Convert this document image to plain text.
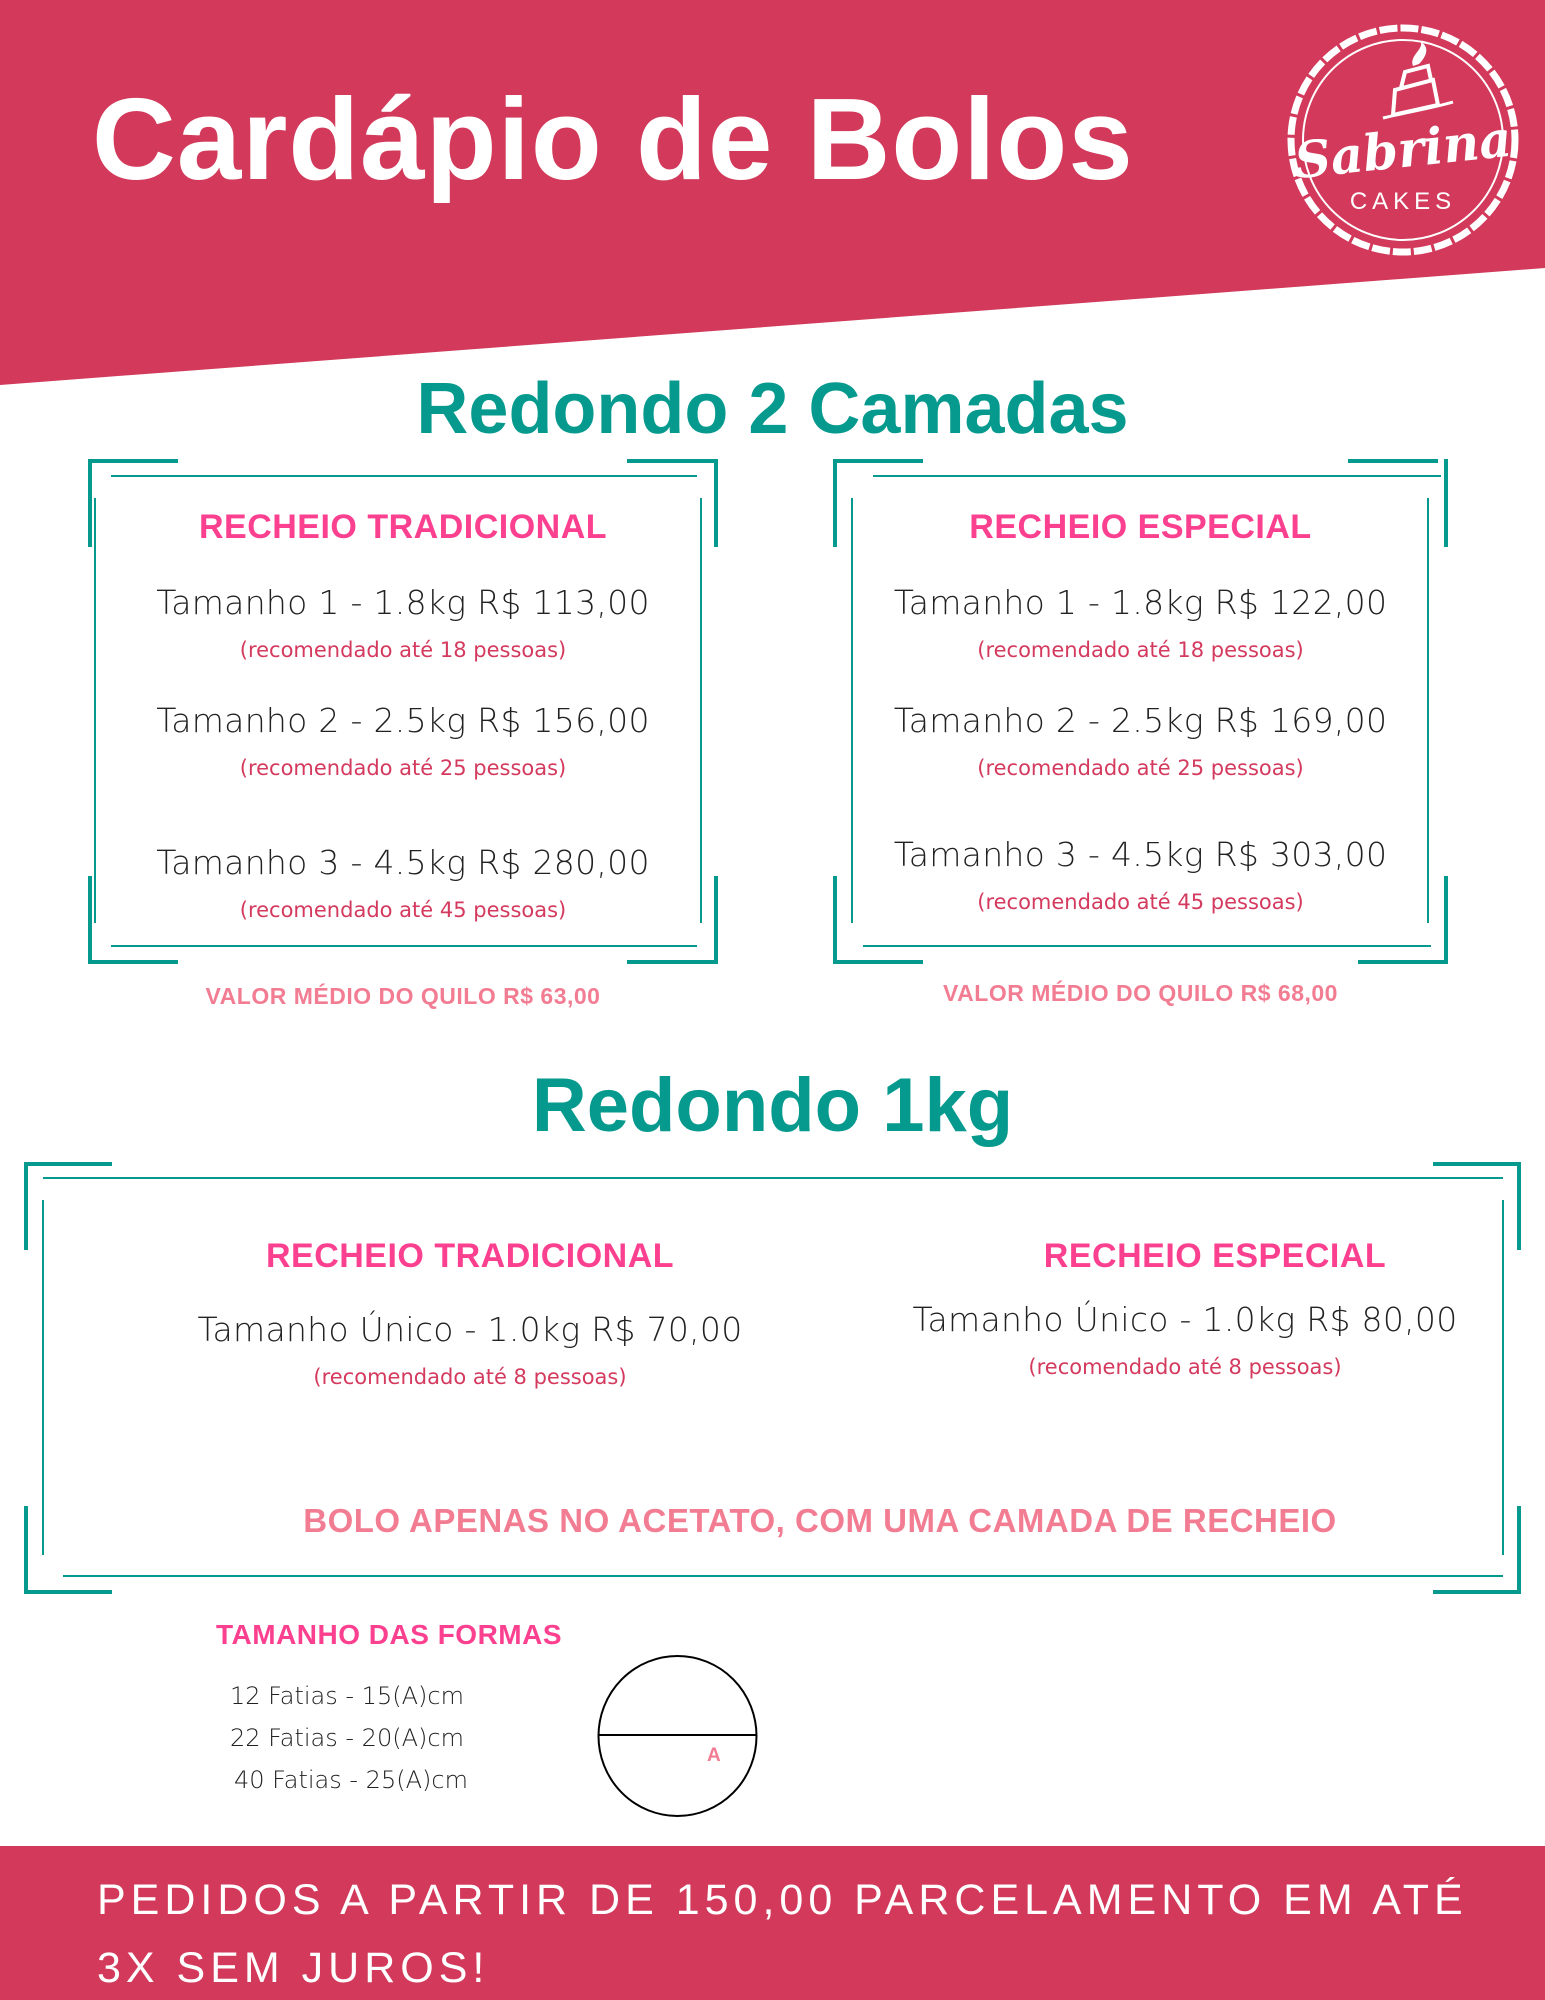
Cardápio de Bolos	Sabrina
CAKES
Redondo 2 Camadas
RECHEIO TRADICIONAL
Tamanho 1 - 1.8kg R$ 113,00
(recomendado até 18 pessoas)
Tamanho 2 - 2.5kg R$ 156,00
(recomendado até 25 pessoas)
Tamanho 3 - 4.5kg R$ 280,00
(recomendado até 45 pessoas)
VALOR MÉDIO DO QUILO R$ 63,00
RECHEIO ESPECIAL
Tamanho 1 - 1.8kg R$ 122,00
(recomendado até 18 pessoas)
Tamanho 2 - 2.5kg R$ 169,00
(recomendado até 25 pessoas)
Tamanho 3 - 4.5kg R$ 303,00
(recomendado até 45 pessoas)
VALOR MÉDIO DO QUILO R$ 68,00
Redondo 1kg
RECHEIO TRADICIONAL
Tamanho Único - 1.0kg R$ 70,00
(recomendado até 8 pessoas)
RECHEIO ESPECIAL
Tamanho Único - 1.0kg R$ 80,00
(recomendado até 8 pessoas)
BOLO APENAS NO ACETATO, COM UMA CAMADA DE RECHEIO
TAMANHO DAS FORMAS
12 Fatias - 15(A)cm
22 Fatias - 20(A)cm
40 Fatias - 25(A)cm
A
PEDIDOS A PARTIR DE 150,00 PARCELAMENTO EM ATÉ 3X SEM JUROS!
